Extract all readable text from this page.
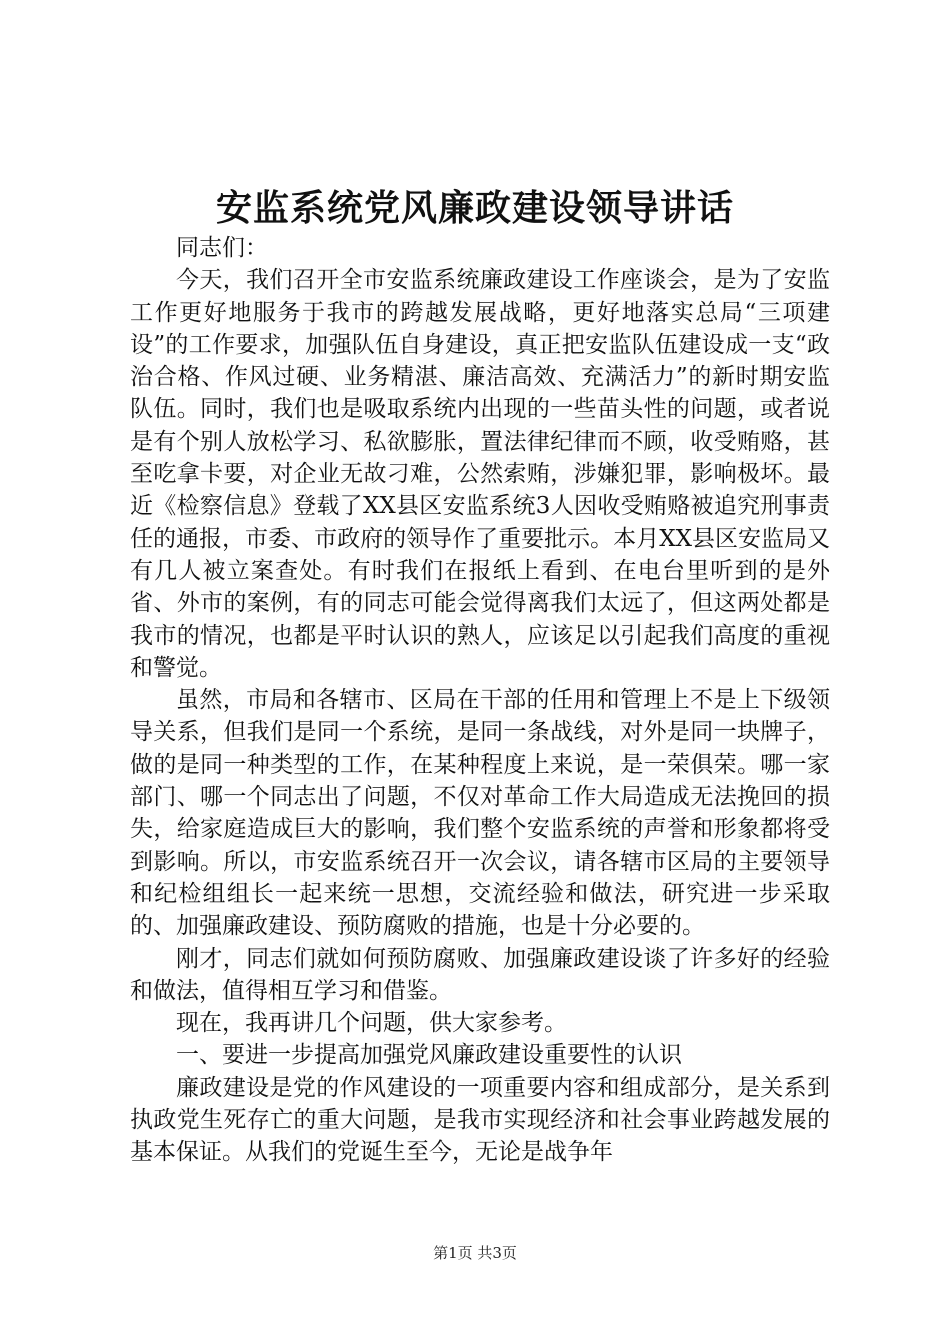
安监系统党风廉政建设领导讲话

同志们：

今天，我们召开全市安监系统廉政建设工作座谈会，是为了安监工作更好地服务于我市的跨越发展战略，更好地落实总局“三项建设”的工作要求，加强队伍自身建设，真正把安监队伍建设成一支“政治合格、作风过硬、业务精湛、廉洁高效、充满活力”的新时期安监队伍。同时，我们也是吸取系统内出现的一些苗头性的问题，或者说是有个别人放松学习、私欲膨胀，置法律纪律而不顾，收受贿赂，甚至吃拿卡要，对企业无故刁难，公然索贿，涉嫌犯罪，影响极坏。最近《检察信息》登载了XX县区安监系统3人因收受贿赂被追究刑事责任的通报，市委、市政府的领导作了重要批示。本月XX县区安监局又有几人被立案查处。有时我们在报纸上看到、在电台里听到的是外省、外市的案例，有的同志可能会觉得离我们太远了，但这两处都是我市的情况，也都是平时认识的熟人，应该足以引起我们高度的重视和警觉。

虽然，市局和各辖市、区局在干部的任用和管理上不是上下级领导关系，但我们是同一个系统，是同一条战线，对外是同一块牌子，做的是同一种类型的工作，在某种程度上来说，是一荣俱荣。哪一家部门、哪一个同志出了问题，不仅对革命工作大局造成无法挽回的损失，给家庭造成巨大的影响，我们整个安监系统的声誉和形象都将受到影响。所以，市安监系统召开一次会议，请各辖市区局的主要领导和纪检组组长一起来统一思想，交流经验和做法，研究进一步采取的、加强廉政建设、预防腐败的措施，也是十分必要的。

刚才，同志们就如何预防腐败、加强廉政建设谈了许多好的经验和做法，值得相互学习和借鉴。

现在，我再讲几个问题，供大家参考。

一、要进一步提高加强党风廉政建设重要性的认识

廉政建设是党的作风建设的一项重要内容和组成部分，是关系到执政党生死存亡的重大问题，是我市实现经济和社会事业跨越发展的基本保证。从我们的党诞生至今，无论是战争年

第1页 共3页
